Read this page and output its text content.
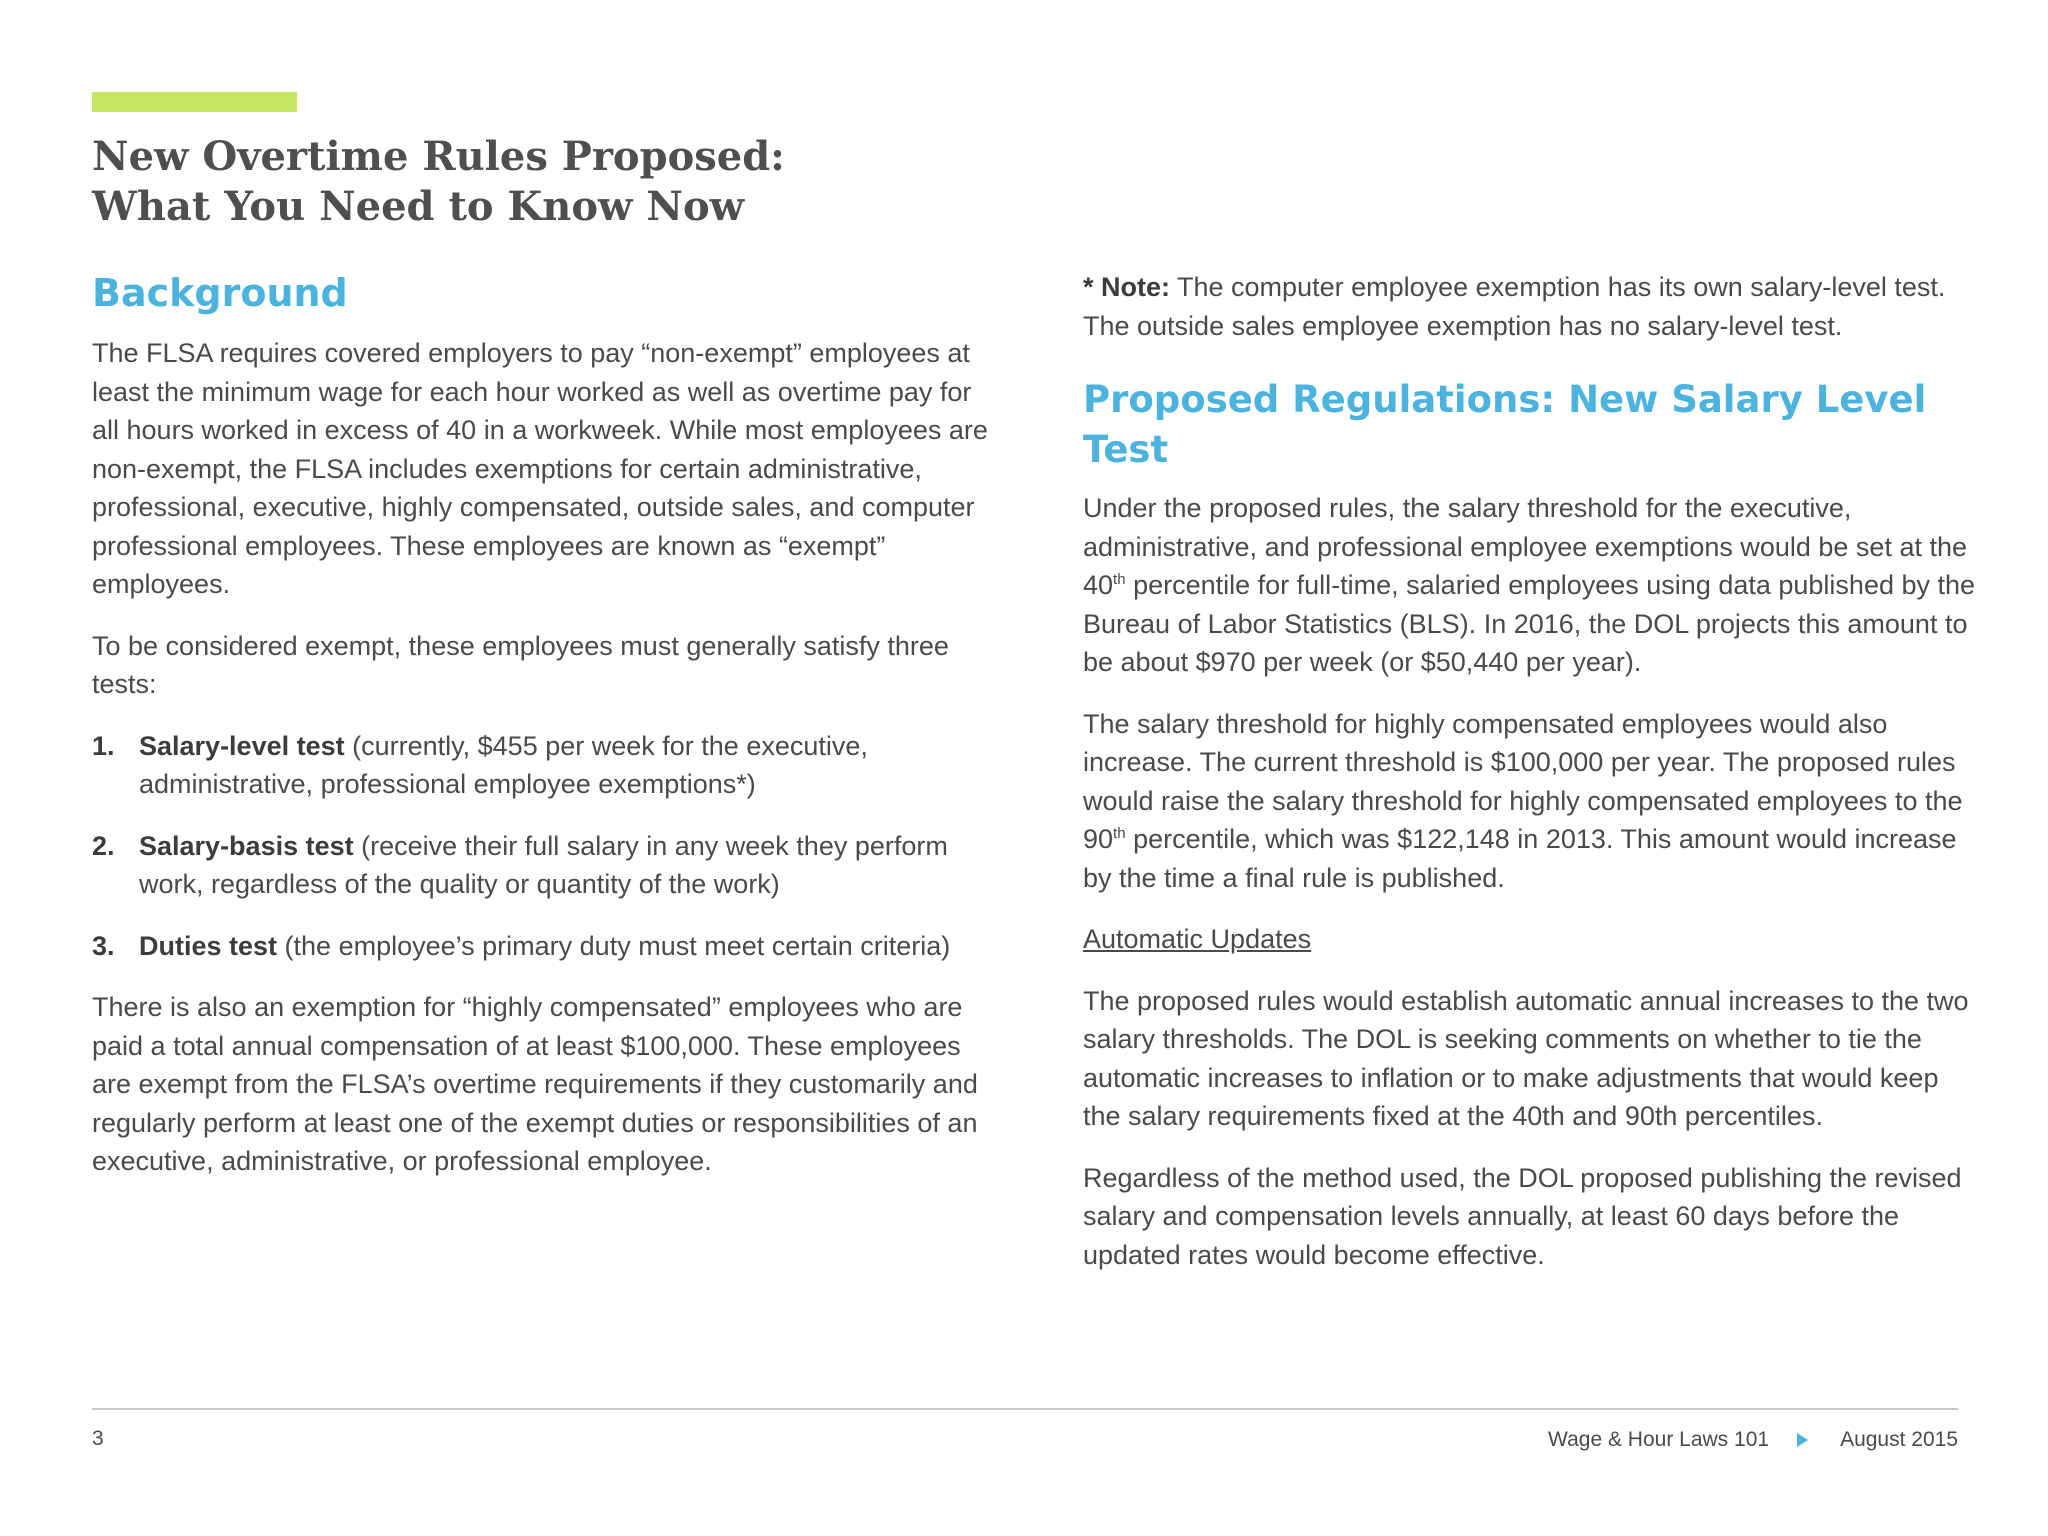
New Overtime Rules Proposed:
What You Need to Know Now
Background

The FLSA requires covered employers to pay “non-exempt” employees at least the minimum wage for each hour worked as well as overtime pay for all hours worked in excess of 40 in a workweek. While most employees are non-exempt, the FLSA includes exemptions for certain administrative, professional, executive, highly compensated, outside sales, and computer professional employees. These employees are known as “exempt” employees.

To be considered exempt, these employees must generally satisfy three tests:

1. Salary-level test (currently, $455 per week for the executive, administrative, professional employee exemptions*)
2. Salary-basis test (receive their full salary in any week they perform work, regardless of the quality or quantity of the work)
3. Duties test (the employee’s primary duty must meet certain criteria)

There is also an exemption for “highly compensated” employees who are paid a total annual compensation of at least $100,000. These employees are exempt from the FLSA’s overtime requirements if they customarily and regularly perform at least one of the exempt duties or responsibilities of an executive, administrative, or professional employee.

* Note: The computer employee exemption has its own salary-level test. The outside sales employee exemption has no salary-level test.

Proposed Regulations: New Salary Level Test

Under the proposed rules, the salary threshold for the executive, administrative, and professional employee exemptions would be set at the 40th percentile for full-time, salaried employees using data published by the Bureau of Labor Statistics (BLS). In 2016, the DOL projects this amount to be about $970 per week (or $50,440 per year).

The salary threshold for highly compensated employees would also increase. The current threshold is $100,000 per year. The proposed rules would raise the salary threshold for highly compensated employees to the 90th percentile, which was $122,148 in 2013. This amount would increase by the time a final rule is published.

Automatic Updates

The proposed rules would establish automatic annual increases to the two salary thresholds. The DOL is seeking comments on whether to tie the automatic increases to inflation or to make adjustments that would keep the salary requirements fixed at the 40th and 90th percentiles.

Regardless of the method used, the DOL proposed publishing the revised salary and compensation levels annually, at least 60 days before the updated rates would become effective.

3	Wage & Hour Laws 101	August 2015
